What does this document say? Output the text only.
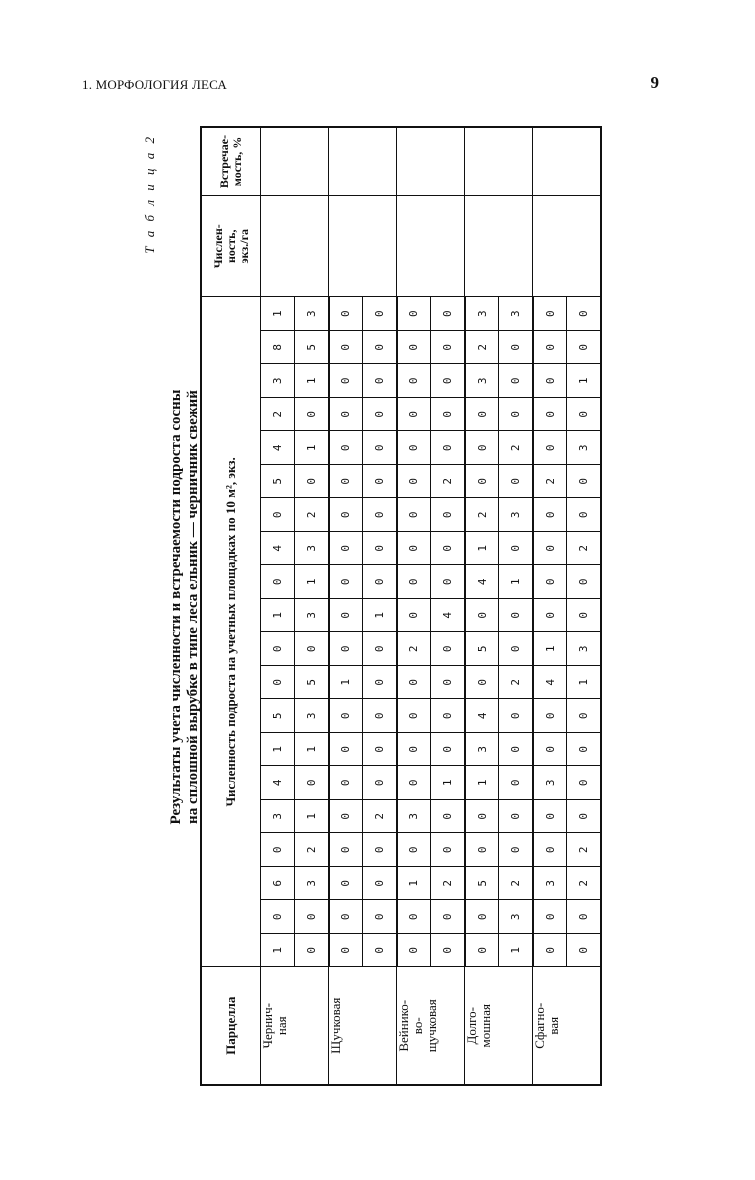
1. МОРФОЛОГИЯ ЛЕСА	9
Т а б л и ц а 2
Результаты учета численности и встречаемости подроста сосны на сплошной вырубке в типе леса ельник — черничник свежий
Парцелла	Численность подроста на учетных площадках по 10 м², экз.																				Числен-
ность,
экз./га	Встречае-
мость, %
Чернич-
ная	1	0	6	0	3	4	1	5	0	0	1	0	4	0	5	4	2	3	8	1		
	0	0	3	2	1	0	1	3	5	0	3	1	3	2	0	1	0	1	5	3		
Щучковая	0	0	0	0	0	0	0	0	1	0	0	0	0	0	0	0	0	0	0	0		
	0	0	0	0	2	0	0	0	0	0	1	0	0	0	0	0	0	0	0	0		
Вейнико-
во-
щучковая	0	0	1	0	3	0	0	0	0	2	0	0	0	0	0	0	0	0	0	0		
	0	0	2	0	0	1	0	0	0	0	4	0	0	0	2	0	0	0	0	0		
Долго-
мошная	0	0	5	0	0	1	3	4	0	5	0	4	1	2	0	0	0	3	2	3		
	1	3	2	0	0	0	0	0	2	0	0	1	0	3	0	2	0	0	0	3		
Сфагно-
вая	0	0	3	0	0	3	0	0	4	1	0	0	0	0	2	0	0	0	0	0		
	0	0	2	2	0	0	0	0	1	3	0	0	2	0	0	3	0	1	0	0		
